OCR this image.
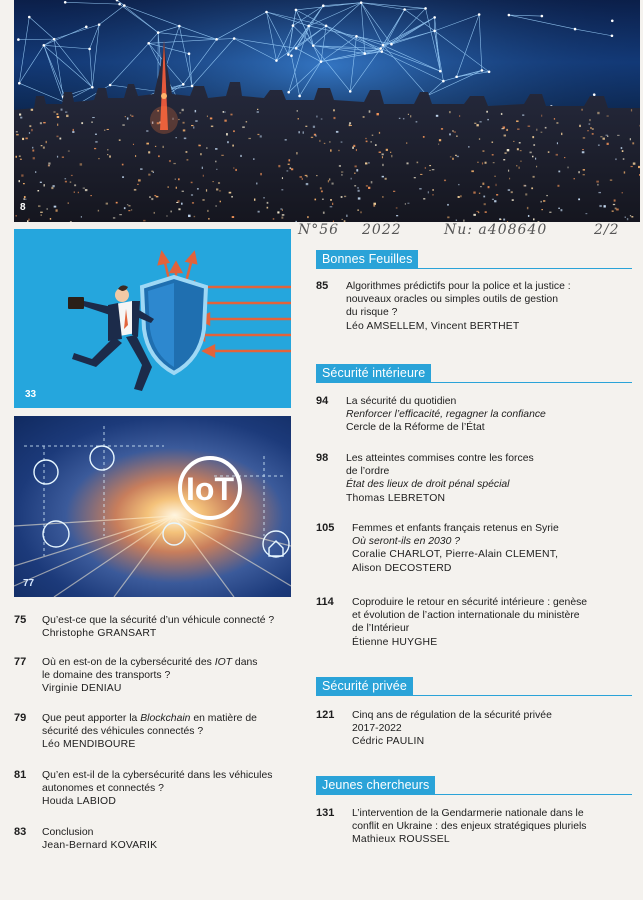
8
N°56 2022	Nu: a408640	2/2
33
IoT
77
Bonnes Feuilles
Sécurité intérieure
Sécurité privée
Jeunes chercheurs
85 Algorithmes prédictifs pour la police et la justice :
nouveaux oracles ou simples outils de gestion
du risque ?
Léo AMSELLEM, Vincent BERTHET
94 La sécurité du quotidien
Renforcer l’efficacité, regagner la confiance
Cercle de la Réforme de l’État
98 Les atteintes commises contre les forces
de l’ordre
État des lieux de droit pénal spécial
Thomas LEBRETON
105 Femmes et enfants français retenus en Syrie
Où seront-ils en 2030 ?
Coralie CHARLOT, Pierre-Alain CLEMENT,
Alison DECOSTERD
114 Coproduire le retour en sécurité intérieure : genèse
et évolution de l’action internationale du ministère
de l’Intérieur
Étienne HUYGHE
121 Cinq ans de régulation de la sécurité privée
2017-2022
Cédric PAULIN
131 L’intervention de la Gendarmerie nationale dans le
conflit en Ukraine : des enjeux stratégiques pluriels
Mathieux ROUSSEL
75 Qu’est-ce que la sécurité d’un véhicule connecté ?
Christophe GRANSART
77 Où en est-on de la cybersécurité des IOT dans
le domaine des transports ?
Virginie DENIAU
79 Que peut apporter la Blockchain en matière de
sécurité des véhicules connectés ?
Léo MENDIBOURE
81 Qu’en est-il de la cybersécurité dans les véhicules
autonomes et connectés ?
Houda LABIOD
83 Conclusion
Jean-Bernard KOVARIK
